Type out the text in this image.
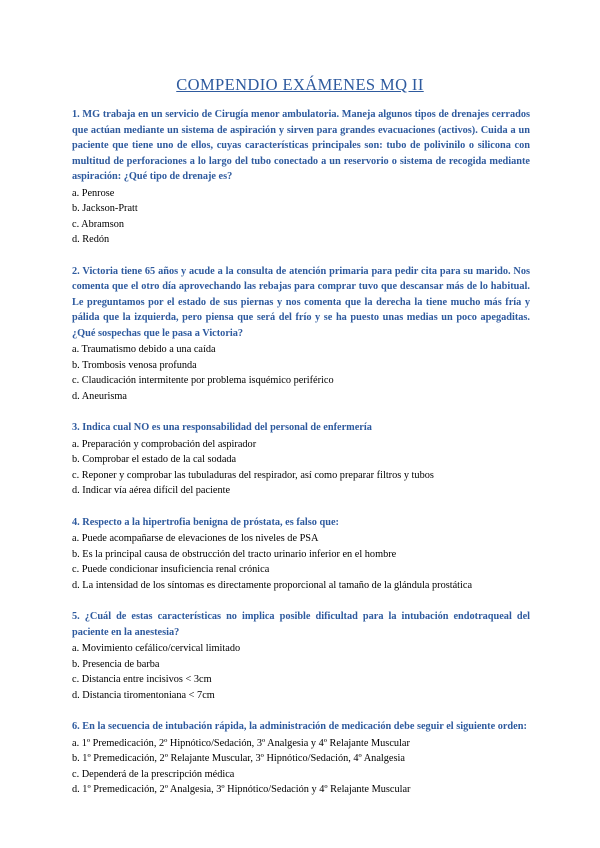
COMPENDIO EXÁMENES MQ II
1. MG trabaja en un servicio de Cirugía menor ambulatoria. Maneja algunos tipos de drenajes cerrados que actúan mediante un sistema de aspiración y sirven para grandes evacuaciones (activos). Cuida a un paciente que tiene uno de ellos, cuyas características principales son: tubo de polivinilo o silicona con multitud de perforaciones a lo largo del tubo conectado a un reservorio o sistema de recogida mediante aspiración: ¿Qué tipo de drenaje es?
a. Penrose
b. Jackson-Pratt
c. Abramson
d. Redón
2. Victoria tiene 65 años y acude a la consulta de atención primaria para pedir cita para su marido. Nos comenta que el otro día aprovechando las rebajas para comprar tuvo que descansar más de lo habitual. Le preguntamos por el estado de sus piernas y nos comenta que la derecha la tiene mucho más fría y pálida que la izquierda, pero piensa que será del frío y se ha puesto unas medias un poco apegaditas. ¿Qué sospechas que le pasa a Victoria?
a. Traumatismo debido a una caída
b. Trombosis venosa profunda
c. Claudicación intermitente por problema isquémico periférico
d. Aneurisma
3. Indica cual NO es una responsabilidad del personal de enfermería
a. Preparación y comprobación del aspirador
b. Comprobar el estado de la cal sodada
c. Reponer y comprobar las tubuladuras del respirador, así como preparar filtros y tubos
d. Indicar vía aérea difícil del paciente
4. Respecto a la hipertrofia benigna de próstata, es falso que:
a. Puede acompañarse de elevaciones de los niveles de PSA
b. Es la principal causa de obstrucción del tracto urinario inferior en el hombre
c. Puede condicionar insuficiencia renal crónica
d. La intensidad de los síntomas es directamente proporcional al tamaño de la glándula prostática
5. ¿Cuál de estas características no implica posible dificultad para la intubación endotraqueal del paciente en la anestesia?
a. Movimiento cefálico/cervical limitado
b. Presencia de barba
c. Distancia entre incisivos < 3cm
d. Distancia tiromentoniana < 7cm
6. En la secuencia de intubación rápida, la administración de medicación debe seguir el siguiente orden:
a. 1º Premedicación, 2º Hipnótico/Sedación, 3º Analgesia y 4º Relajante Muscular
b. 1º Premedicación, 2º Relajante Muscular, 3º Hipnótico/Sedación, 4º Analgesia
c. Dependerá de la prescripción médica
d. 1º Premedicación, 2º Analgesia, 3º Hipnótico/Sedación y 4º Relajante Muscular
